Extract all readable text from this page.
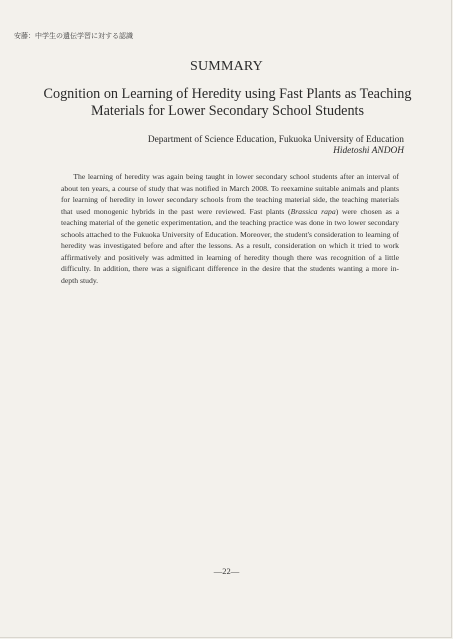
安藤：中学生の遺伝学習に対する認識
SUMMARY
Cognition on Learning of Heredity using Fast Plants as Teaching
Materials for Lower Secondary School Students
Department of Science Education, Fukuoka University of Education
Hidetoshi ANDOH
The learning of heredity was again being taught in lower secondary school students after an interval of about ten years, a course of study that was notified in March 2008. To reexamine suitable animals and plants for learning of heredity in lower secondary schools from the teaching material side, the teaching materials that used monogenic hybrids in the past were reviewed. Fast plants (Brassica rapa) were chosen as a teaching material of the genetic experimentation, and the teaching practice was done in two lower secondary schools attached to the Fukuoka University of Education. Moreover, the student's consideration to learning of heredity was investigated before and after the lessons. As a result, consideration on which it tried to work affirmatively and positively was admitted in learning of heredity though there was recognition of a little difficulty. In addition, there was a significant difference in the desire that the students wanting a more in-depth study.
—22—
